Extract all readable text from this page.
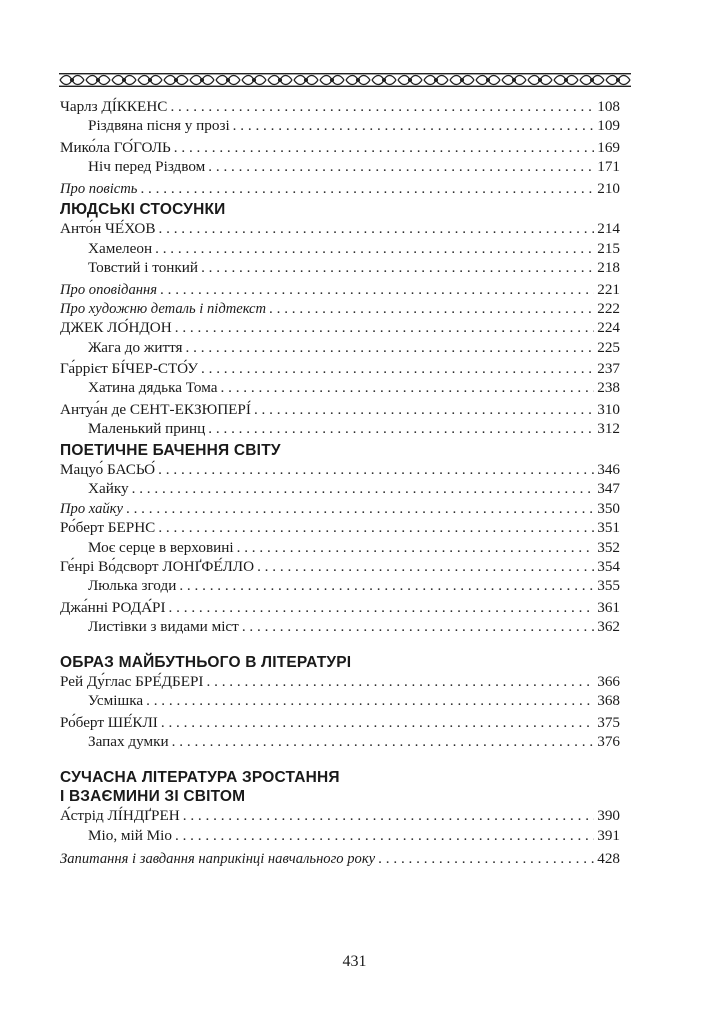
Чарлз ДІ́ККЕНС . . .	108
Різдвяна пісня у прозі . . .	109
Мико́ла ГО́ГОЛЬ . . .	169
Ніч перед Різдвом . . .	171
Про повість . . .	210
ЛЮДСЬКІ СТОСУНКИ
Анто́н ЧЕ́ХОВ . . .	214
Хамелеон . . .	215
Товстий і тонкий . . .	218
Про оповідання . . .	221
Про художню деталь і підтекст . . .	222
ДЖЕК ЛО́НДОН . . .	224
Жага до життя . . .	225
Га́ррієт БІ́ЧЕР-СТО́У . . .	237
Хатина дядька Тома . . .	238
Антуа́н де СЕНТ-ЕКЗЮПЕРІ́ . . .	310
Маленький принц . . .	312
ПОЕТИЧНЕ БАЧЕННЯ СВІТУ
Мацуо́ БАСЬО́ . . .	346
Хайку . . .	347
Про хайку . . .	350
Ро́берт БЕРНС . . .	351
Моє серце в верховині . . .	352
Ге́нрі Во́дсворт ЛОНҐФЕ́ЛЛО . . .	354
Люлька згоди . . .	355
Джа́нні РОДА́РІ . . .	361
Листівки з видами міст . . .	362
ОБРАЗ МАЙБУТНЬОГО В ЛІТЕРАТУРІ
Рей Ду́глас БРЕ́ДБЕРІ . . .	366
Усмішка . . .	368
Ро́берт ШЕ́КЛІ . . .	375
Запах думки . . .	376
СУЧАСНА ЛІТЕРАТУРА ЗРОСТАННЯ
І ВЗАЄМИНИ ЗІ СВІТОМ
А́стрід ЛІ́НДҐРЕН . . .	390
Міо, мій Міо . . .	391
Запитання і завдання наприкінці навчального року . . .	428
431
